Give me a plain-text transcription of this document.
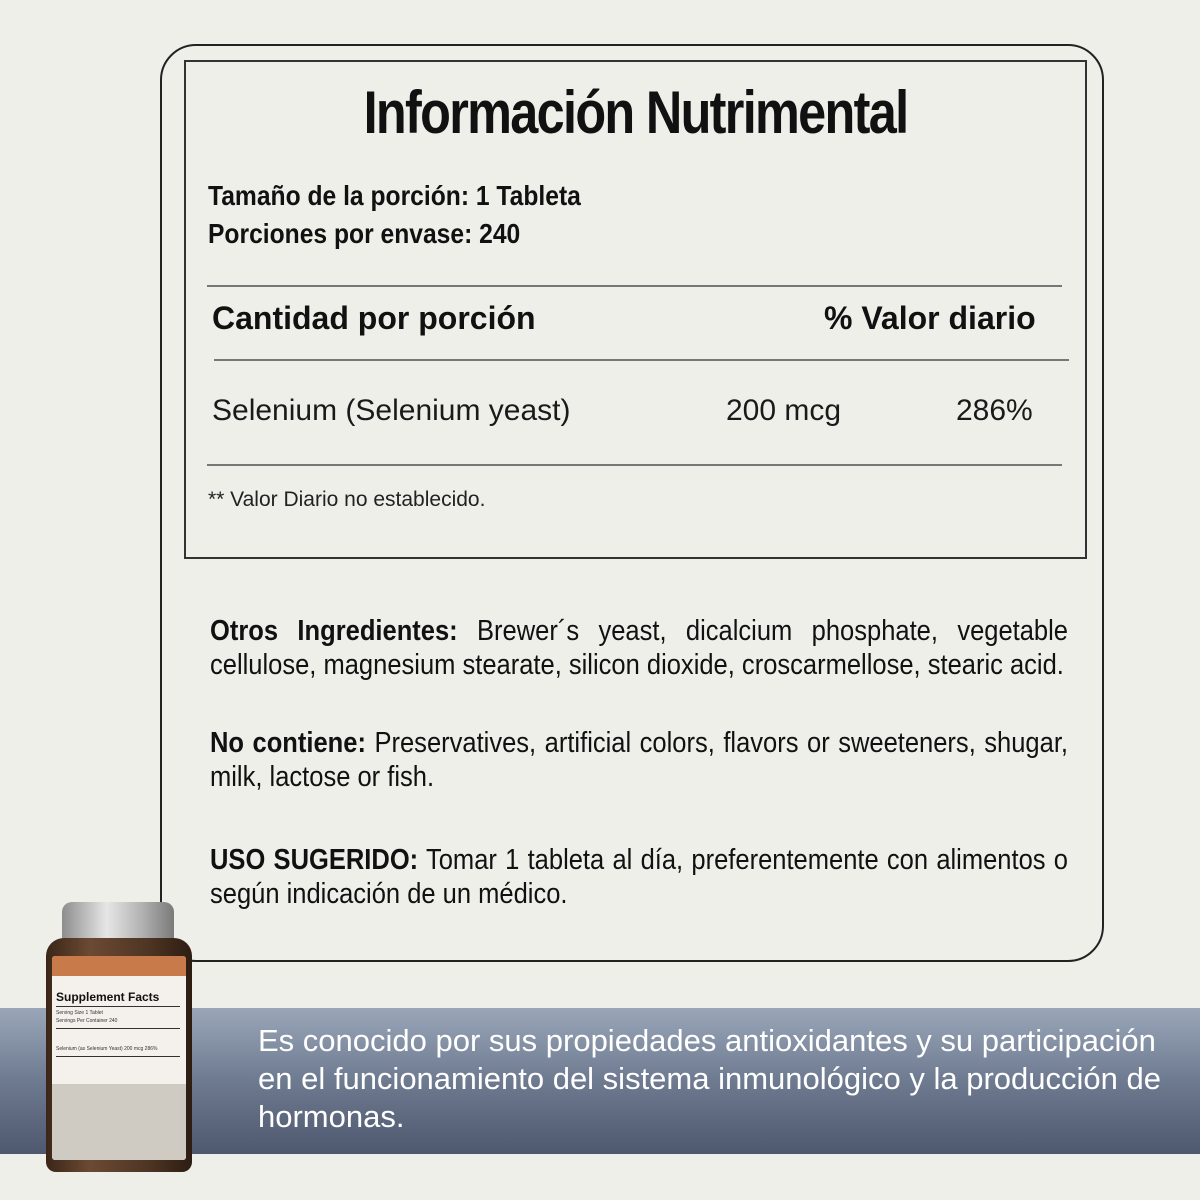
Información Nutrimental
Tamaño de la porción: 1 Tableta
Porciones por envase: 240
Cantidad por porción	% Valor diario
Selenium (Selenium yeast)	200 mcg	286%
** Valor Diario no establecido.

Otros Ingredientes: Brewer´s yeast, dicalcium phosphate, vegetable cellulose, magnesium stearate, silicon dioxide, croscarmellose, stearic acid.

No contiene: Preservatives, artificial colors, flavors or sweeteners, shugar, milk, lactose or fish.

USO SUGERIDO: Tomar 1 tableta al día, preferentemente con alimentos o según indicación de un médico.

Es conocido por sus propiedades antioxidantes y su participación en el funcionamiento del sistema inmunológico y la producción de hormonas.

Supplement Facts
Serving Size 1 Tablet
Servings Per Container 240
Selenium (as Selenium Yeast) 200 mcg 286%
